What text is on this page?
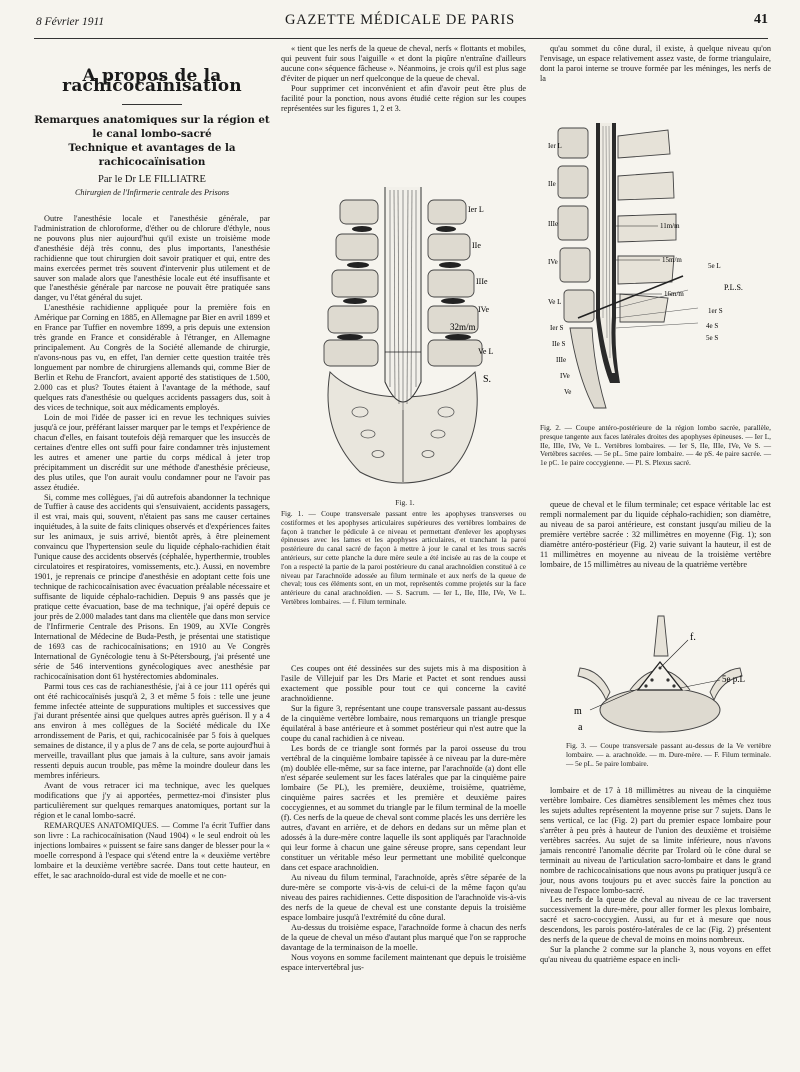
8 Février 1911	GAZETTE MÉDICALE DE PARIS	41
A propos de la rachicocaïnisation
Remarques anatomiques sur la région et le canal lombo-sacré
Technique et avantages de la rachicocaïnisation
Par le Dr LE FILLIATRE
Chirurgien de l'Infirmerie centrale des Prisons

Outre l'anesthésie locale et l'anesthésie générale, par l'administration de chloroforme, d'éther ou de chlorure d'éthyle, nous ne pouvons plus nier aujourd'hui qu'il existe un troisième mode d'anesthésie déjà très connu, des plus importants, l'anesthésie rachidienne que tout chirurgien doit savoir pratiquer et qui, entre des mains exercées permet très souvent d'intervenir plus utilement et de sauver son malade alors que l'anesthésie locale eut été insuffisante et que l'anesthésie générale par narcose ne pouvait être pratiquée sans danger, vu l'état général du sujet.

L'anesthésie rachidienne appliquée pour la première fois en Amérique par Corning en 1885, en Allemagne par Bier en avril 1899 et en France par Tuffier en novembre 1899, a pris depuis une extension très grande en France et considérable à l'étranger, en Allemagne principalement. Au Congrès de la Société allemande de chirurgie, n'avons-nous pas vu, en effet, l'an dernier cette question traitée très longuement par nombre de chirurgiens allemands qui, comme Bier de Berlin et Rehu de Francfort, avaient apporté des statistiques de 1.500, 2.000 cas et plus? Toutes étaient à l'avantage de la méthode, sauf quelques rats d'anesthésie ou quelques accidents passagers dus, soit à des vices de technique, soit aux médicaments employés.

Loin de moi l'idée de passer ici en revue les techniques suivies jusqu'à ce jour, préférant laisser marquer par le temps et l'expérience de chacun d'elles, en faisant toutefois déjà remarquer que les insuccès de certaines d'entre elles ont suffi pour faire condamner très injustement les autres et amener une partie du corps médical à jeter trop précipitamment un discrédit sur une méthode d'anesthésie précieuse, des plus utiles, que l'on aurait voulu condamner pour ne l'avoir pas assez étudiée.

Si, comme mes collègues, j'ai dû autrefois abandonner la technique de Tuffier à cause des accidents qui s'ensuivaient, accidents passagers, il est vrai, mais qui, souvent, n'étaient pas sans me causer certaines inquiétudes, à la suite de faits cliniques observés et d'expériences faites sur les animaux, je suis arrivé, bientôt après, à être pleinement convaincu que l'hypertension seule du liquide céphalo-rachidien était l'unique cause des accidents observés (céphalée, hyperthermie, troubles circulatoires et respiratoires, vomissements, etc.). Aussi, en novembre 1901, je reprenais ce principe d'anesthésie en adoptant cette fois une technique de rachicocaïnisation avec évacuation préalable nécessaire et suffisante de liquide céphalo-rachidien. Depuis 9 ans passés que je pratique cette évacuation, base de ma technique, j'ai opéré depuis ce jour près de 2.000 malades tant dans ma clientèle que dans mon service de l'Infirmerie Centrale des Prisons. En 1909, au XVIe Congrès International de Médecine de Buda-Pesth, je présentai une statistique de 1693 cas de rachicocaïnisations; en 1910 au Ve Congrès International de Gynécologie tenu à St-Pétersbourg, j'ai présenté une série de 546 interventions gynécologiques avec anesthésie par rachicocaïnisation dont 61 hystérectomies abdominales.

Parmi tous ces cas de rachianesthésie, j'ai à ce jour 111 opérés qui ont été rachicocaïnisés jusqu'à 2, 3 et même 5 fois : telle une jeune femme infectée atteinte de suppurations multiples et successives que j'ai durant présentée ainsi que quelques autres après guérison. Il y a 4 ans environ à mes collègues de la Société médicale du IXe arrondissement de Paris, et qui, rachicocaïnisée par 5 fois à quelques semaines de distance, il y a plus de 7 ans de cela, se porte aujourd'hui à merveille, travaillant plus que jamais à la culture, sans avoir jamais ressenti depuis aucun trouble, pas même la moindre douleur dans les membres inférieurs.

Avant de vous retracer ici ma technique, avec les quelques modifications que j'y ai apportées, permettez-moi d'insister plus particulièrement sur quelques remarques anatomiques, portant sur la région et le canal lombo-sacré.

REMARQUES ANATOMIQUES. — Comme l'a écrit Tuffier dans son livre : La rachicocaïnisation (Naud 1904) « le seul endroit où les injections lombaires « puissent se faire sans danger de blesser pour la « moelle correspond à l'espace qui s'étend entre la « deuxième vertèbre lombaire et la deuxième vertèbre sacrée. Dans tout cette hauteur, en effet, le sac arachnoïdo-dural est vide de moelle et ne con-

« tient que les nerfs de la queue de cheval, nerfs « flottants et mobiles, qui peuvent fuir sous l'aiguille « et dont la piqûre n'entraîne d'ailleurs aucune con« séquence fâcheuse ». Néanmoins, je crois qu'il est plus sage d'éviter de piquer un nerf quelconque de la queue de cheval.

Pour supprimer cet inconvénient et afin d'avoir peut être plus de facilité pour la ponction, nous avons étudié cette région sur les coupes représentées sur les figures 1, 2 et 3.

32m/m
Ier L
IIe
IIIe
IVe
Ve L
S.
Fig. 1.
Fig. 1. — Coupe transversale passant entre les apophyses transverses ou costiformes et les apophyses articulaires supérieures des vertèbres lombaires de façon à trancher le pédicule à ce niveau et permettant d'enlever les apophyses épineuses avec les lames et les apophyses articulaires, et tranchant la paroi postérieure du canal sacré de façon à mettre à jour le canal et les trous sacrés antérieurs, sur cette planche la dure mère seule a été incisée au ras de la coupe et l'on a respecté la partie de la paroi postérieure du canal arachnoïdien constitué à ce niveau par l'arachnoïde adossée au filum terminale et aux nerfs de la queue de cheval; tous ces éléments sont, en un mot, représentés comme projetés sur la face antérieure du canal arachnoïdien. — S. Sacrum. — Ier L, IIe, IIIe, IVe, Ve L. Vertèbres lombaires. — f. Filum terminale.

Ces coupes ont été dessinées sur des sujets mis à ma disposition à l'asile de Villejuif par les Drs Marie et Pactet et sont rendues aussi exactement que possible pour tout ce qui concerne la cavité arachnoïdienne.

Sur la figure 3, représentant une coupe transversale passant au-dessus de la cinquième vertèbre lombaire, nous remarquons un triangle presque équilatéral à base antérieure et à sommet postérieur qui n'est autre que la coupe du canal rachidien à ce niveau.

Les bords de ce triangle sont formés par la paroi osseuse du trou vertébral de la cinquième lombaire tapissée à ce niveau par la dure-mère (m) doublée elle-même, sur sa face interne, par l'arachnoïde (a) dont elle n'est séparée seulement sur les faces latérales que par la cinquième paire lombaire (5e PL), les première, deuxième, troisième, quatrième, cinquième paires sacrées et les première et deuxième paires coccygiennes, et au sommet du triangle par le filum terminal de la moelle (f). Ces nerfs de la queue de cheval sont comme placés les uns derrière les autres, d'avant en arrière, et de dehors en dedans sur un même plan et adossés à la dure-mère contre laquelle ils sont appliqués par l'arachnoïde qui leur forme à chacun une gaine séreuse propre, sans cependant leur constituer un véritable méso leur permettant une mobilité quelconque dans cet espace arachnoïdien.

Au niveau du filum terminal, l'arachnoïde, après s'être séparée de la dure-mère se comporte vis-à-vis de celui-ci de la même façon qu'au niveau des paires rachidiennes. Cette disposition de l'arachnoïde vis-à-vis des nerfs de la queue de cheval est une constante depuis la troisième espace lombaire jusqu'à l'extrémité du cône dural.

Au-dessus du troisième espace, l'arachnoïde forme à chacun des nerfs de la queue de cheval un méso d'autant plus marqué que l'on se rapproche davantage de la terminaison de la moelle.

Nous voyons en somme facilement maintenant que depuis le troisième espace intervertébral jus-

qu'au sommet du cône dural, il existe, à quelque niveau qu'on l'envisage, un espace relativement assez vaste, de forme triangulaire, dont la paroi interne se trouve formée par les méninges, les nerfs de la

Ier L
IIe
IIIe
IVe
Ve L
Ier S
IIe S
IIIe
IVe
Ve
11m/m
15m/m
16m/m
5e L
1er S
P.L.S.
4e S
5e S
Fig. 2. — Coupe antéro-postérieure de la région lombo sacrée, parallèle, presque tangente aux faces latérales droites des apophyses épineuses. — Ier L, IIe, IIIe, IVe, Ve L. Vertèbres lombaires. — Ier S, IIe, IIIe, IVe, Ve S. — Vertèbres sacrées. — 5e pL. 5me paire lombaire. — 4e pS. 4e paire sacrée. — 1e pC. 1e paire coccygienne. — Pl. S. Plexus sacré.

queue de cheval et le filum terminale; cet espace véritable lac est rempli normalement par du liquide céphalo-rachidien; son diamètre, au niveau de sa paroi antérieure, est constant jusqu'au milieu de la première vertèbre sacrée : 32 millimètres en moyenne (Fig. 1); son diamètre antéro-postérieur (Fig. 2) varie suivant la hauteur, il est de 11 millimètres en moyenne au niveau de la troisième vertèbre lombaire, de 15 millimètres au niveau de la quatrième vertèbre

f.
m
a
5e p.L
Fig. 3. — Coupe transversale passant au-dessus de la Ve vertèbre lombaire. — a. arachnoïde. — m. Dure-mère. — F. Filum terminale. — 5e pL. 5e paire lombaire.

lombaire et de 17 à 18 millimètres au niveau de la cinquième vertèbre lombaire. Ces diamètres sensiblement les mêmes chez tous les sujets adultes représentent la moyenne prise sur 7 sujets. Dans le sens vertical, ce lac (Fig. 2) part du premier espace lombaire pour s'arrêter à peu près à hauteur de l'union des deuxième et troisième vertèbres sacrées. Au sujet de sa limite inférieure, nous n'avons jamais rencontré l'anomalie décrite par Trolard où le cône dural se terminait au niveau de l'articulation sacro-lombaire et dans le grand nombre de rachicocaïnisations que nous avons pu pratiquer jusqu'à ce jour, nous avons toujours pu et avec succès faire la ponction au niveau de l'espace lombo-sacré.

Les nerfs de la queue de cheval au niveau de ce lac traversent successivement la dure-mère, pour aller former les plexus lombaire, sacré et sacro-coccygien. Aussi, au fur et à mesure que nous descendons, les parois postéro-latérales de ce lac (Fig. 2) présentent des nerfs de la queue de cheval de moins en moins nombreux.

Sur la planche 2 comme sur la planche 3, nous voyons en effet qu'au niveau du quatrième espace en incli-
